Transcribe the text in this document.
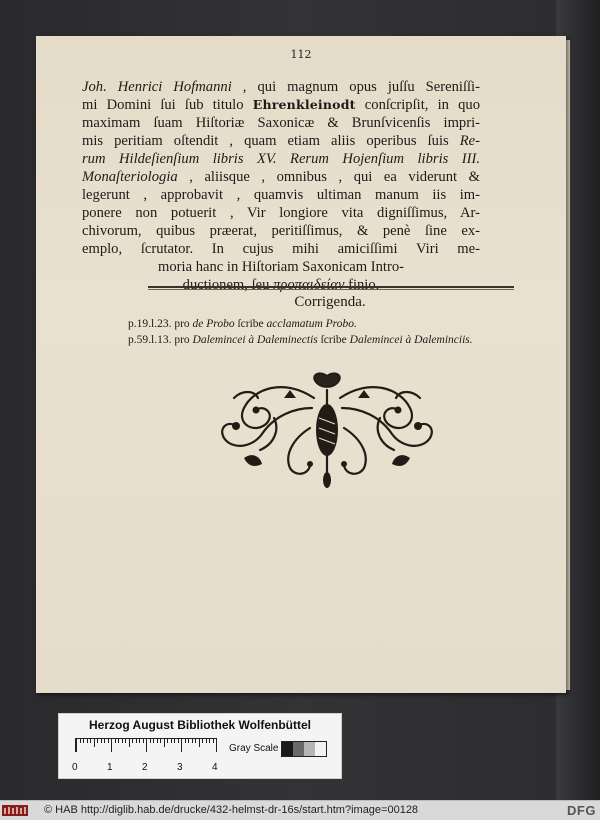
112
Joh. Henrici Hofmanni , qui magnum opus juſſu Sereniſſi-
mi Domini ſui ſub titulo Ehrenkleinodt conſcripſit, in quo
maximam ſuam Hiſtoriæ Saxonicæ & Brunſvicenſis impri-
mis peritiam oſtendit , quam etiam aliis operibus ſuis Re-
rum Hildeſienſium libris XV. Rerum Hojenſium libris III.
Monaſteriologia , aliisque , omnibus , qui ea viderunt &
legerunt , approbavit , quamvis ultiman manum iis im-
ponere non potuerit , Vir longiore vita digniſſimus, Ar-
chivorum, quibus præerat, peritiſſimus, & penè ſine ex-
emplo, ſcrutator. In cujus mihi amiciſſimi Viri me-
moria hanc in Hiſtoriam Saxonicam Intro-
ductionem, ſeu προπαιδείαν finio.
Corrigenda.
p.19.l.23. pro de Probo ſcribe acclamatum Probo.
p.59.l.13. pro Dalemincei à Daleminectis ſcribe Dalemincei à Daleminciis.
Herzog August Bibliothek Wolfenbüttel
0	1	2	3	4
Gray Scale
© HAB http://diglib.hab.de/drucke/432-helmst-dr-16s/start.htm?image=00128	DFG
